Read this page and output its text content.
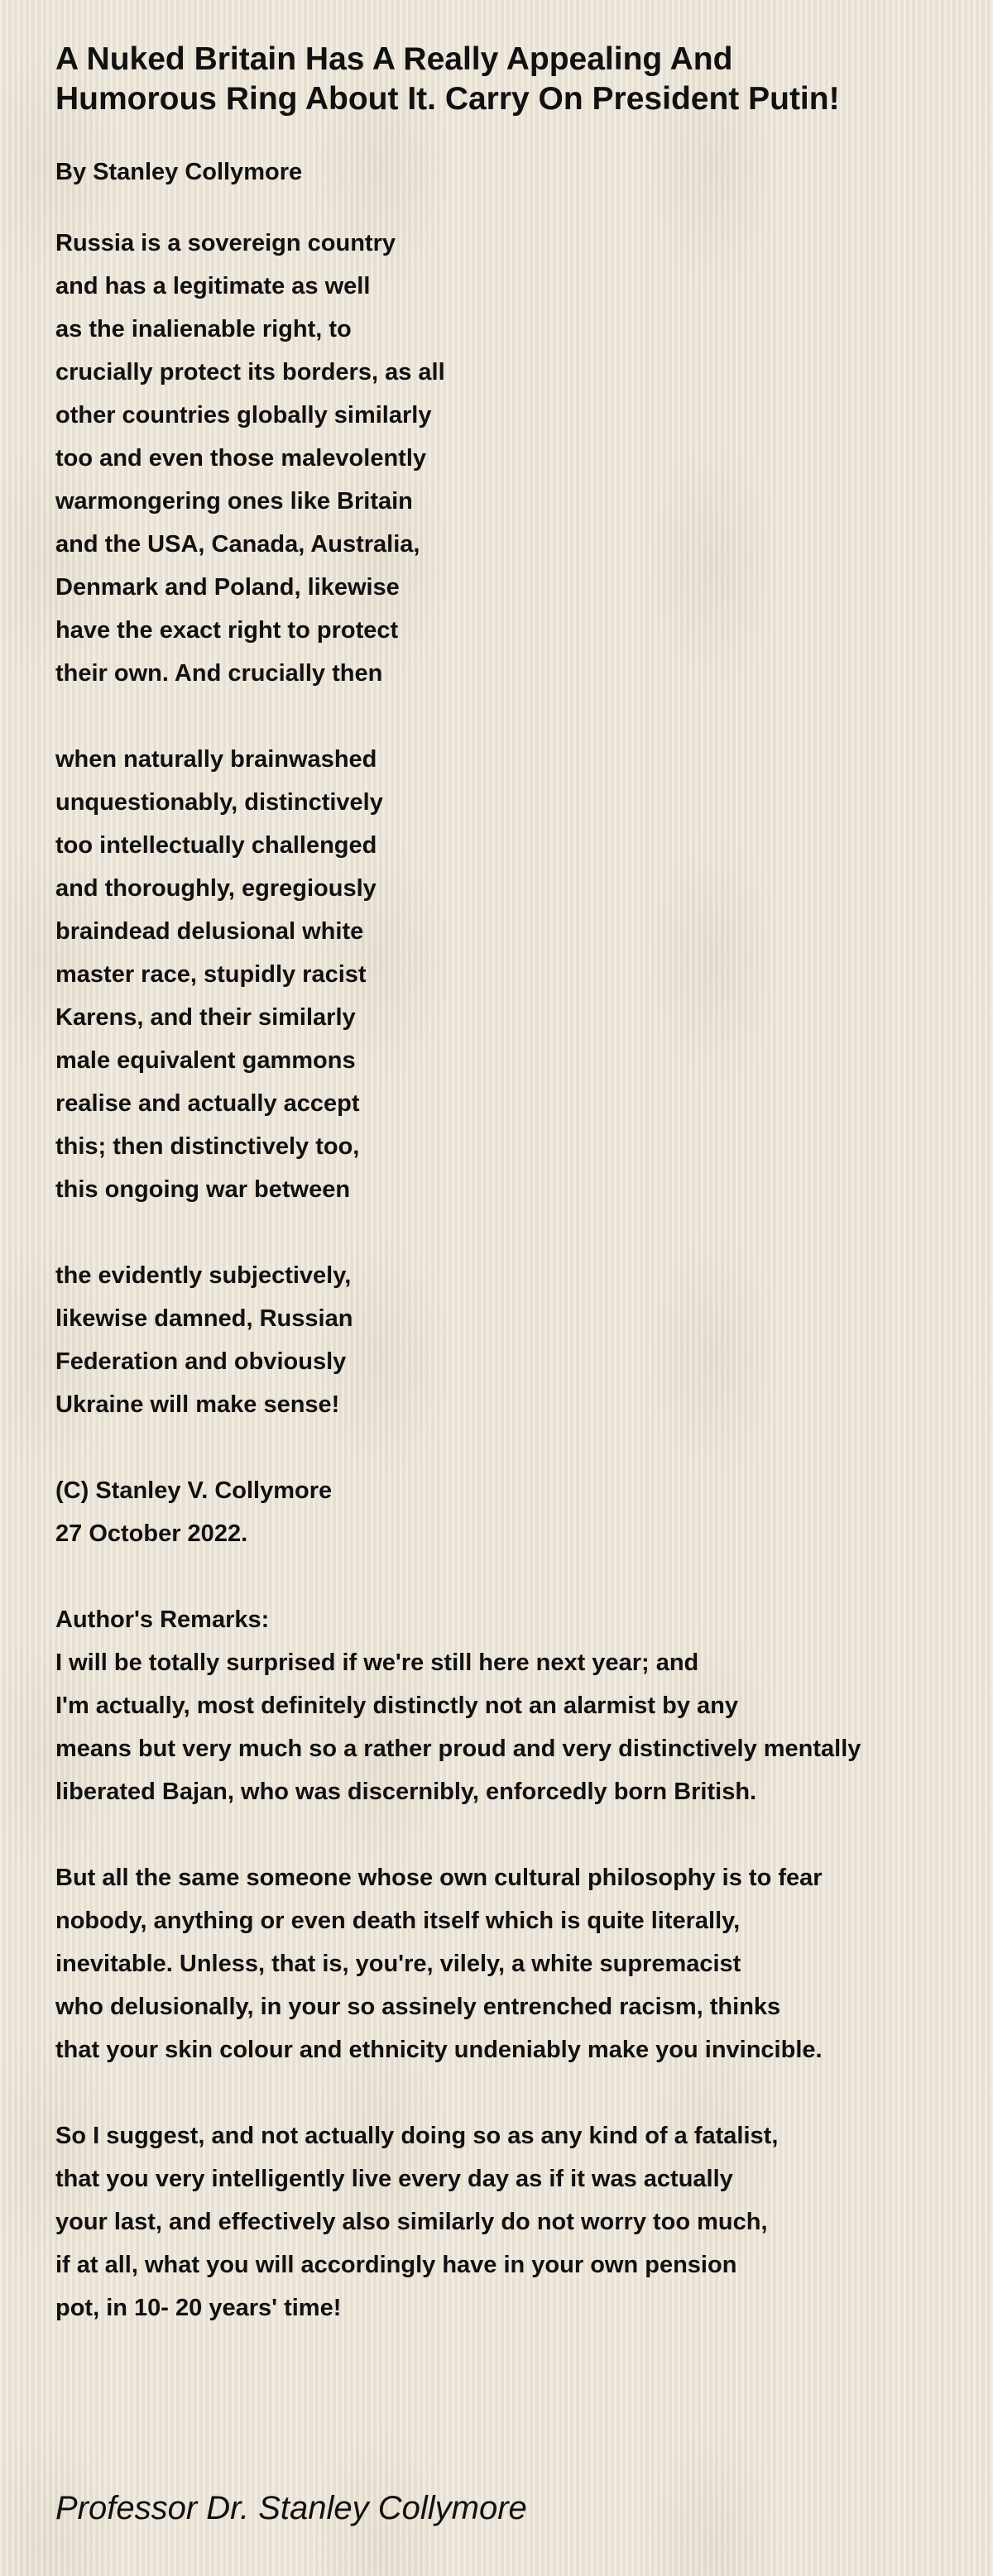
A Nuked Britain Has A Really Appealing And Humorous Ring About It. Carry On President Putin!
By Stanley Collymore
Russia is a sovereign country
and has a legitimate as well
as the inalienable right, to
crucially protect its borders, as all
other countries globally similarly
too and even those malevolently
warmongering ones like Britain
and the USA, Canada, Australia,
Denmark and Poland, likewise
have the exact right to protect
their own. And crucially then
when naturally brainwashed
unquestionably, distinctively
too intellectually challenged
and thoroughly, egregiously
braindead delusional white
master race, stupidly racist
Karens, and their similarly
male equivalent gammons
realise and actually accept
this; then distinctively too,
this ongoing war between
the evidently subjectively,
likewise damned, Russian
Federation and obviously
Ukraine will make sense!
(C) Stanley V. Collymore
27 October 2022.
Author's Remarks:
I will be totally surprised if we're still here next year; and
I'm actually, most definitely distinctly not an alarmist by any
means but very much so a rather proud and very distinctively mentally
liberated Bajan, who was discernibly, enforcedly born British.
But all the same someone whose own cultural philosophy is to fear
nobody, anything or even death itself which is quite literally,
inevitable. Unless, that is, you're, vilely, a white supremacist
who delusionally, in your so assinely entrenched racism, thinks
that your skin colour and ethnicity undeniably make you invincible.
So I suggest, and not actually doing so as any kind of a fatalist,
that you very intelligently live every day as if it was actually
your last, and effectively also similarly do not worry too much,
if at all, what you will accordingly have in your own pension
pot, in 10- 20 years' time!
Professor Dr. Stanley Collymore
